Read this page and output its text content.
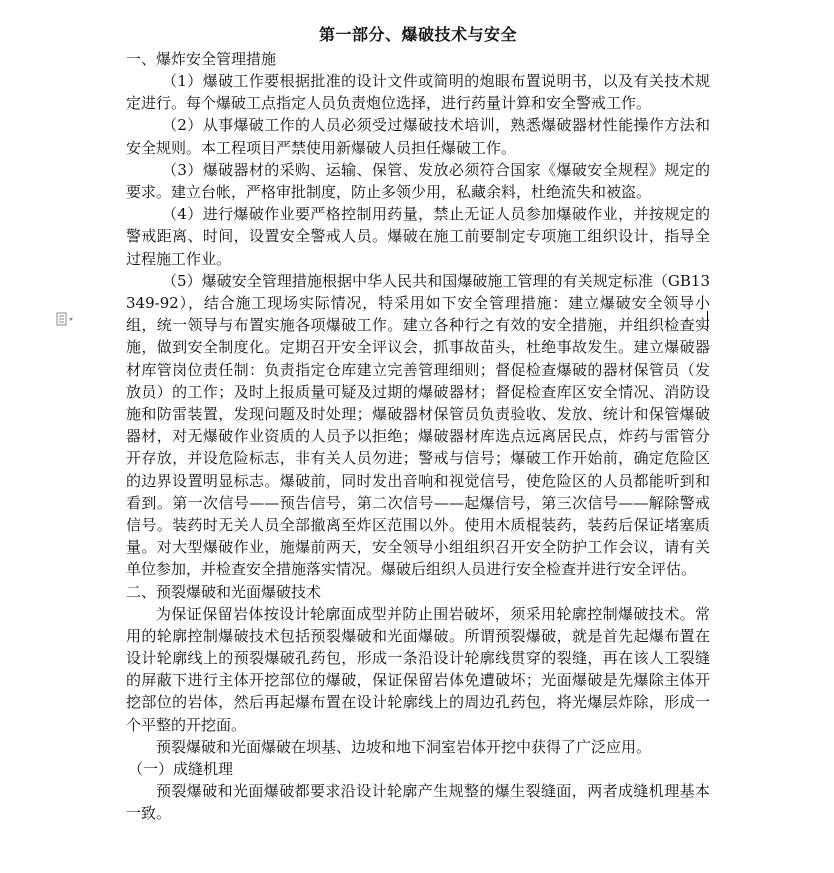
第一部分、爆破技术与安全

一、爆炸安全管理措施

（1）爆破工作要根据批准的设计文件或简明的炮眼布置说明书，以及有关技术规定进行。每个爆破工点指定人员负责炮位选择，进行药量计算和安全警戒工作。

（2）从事爆破工作的人员必须受过爆破技术培训，熟悉爆破器材性能操作方法和安全规则。本工程项目严禁使用新爆破人员担任爆破工作。

（3）爆破器材的采购、运输、保管、发放必须符合国家《爆破安全规程》规定的要求。建立台帐，严格审批制度，防止多领少用，私藏余料，杜绝流失和被盗。

（4）进行爆破作业要严格控制用药量，禁止无证人员参加爆破作业，并按规定的警戒距离、时间，设置安全警戒人员。爆破在施工前要制定专项施工组织设计，指导全过程施工作业。

（5）爆破安全管理措施根据中华人民共和国爆破施工管理的有关规定标准（GB13349-92），结合施工现场实际情况，特采用如下安全管理措施：建立爆破安全领导小组，统一领导与布置实施各项爆破工作。建立各种行之有效的安全措施，并组织检查实施，做到安全制度化。定期召开安全评议会，抓事故苗头，杜绝事故发生。建立爆破器材库管岗位责任制：负责指定仓库建立完善管理细则；督促检查爆破的器材保管员（发放员）的工作；及时上报质量可疑及过期的爆破器材；督促检查库区安全情况、消防设施和防雷装置，发现问题及时处理；爆破器材保管员负责验收、发放、统计和保管爆破器材，对无爆破作业资质的人员予以拒绝；爆破器材库选点远离居民点，炸药与雷管分开存放，并设危险标志，非有关人员勿进；警戒与信号；爆破工作开始前，确定危险区的边界设置明显标志。爆破前，同时发出音响和视觉信号，使危险区的人员都能听到和看到。第一次信号——预告信号，第二次信号——起爆信号，第三次信号——解除警戒信号。装药时无关人员全部撤离至炸区范围以外。使用木质棍装药，装药后保证堵塞质量。对大型爆破作业，施爆前两天，安全领导小组组织召开安全防护工作会议，请有关单位参加，并检查安全措施落实情况。爆破后组织人员进行安全检查并进行安全评估。

二、预裂爆破和光面爆破技术

为保证保留岩体按设计轮廓面成型并防止围岩破坏，须采用轮廓控制爆破技术。常用的轮廓控制爆破技术包括预裂爆破和光面爆破。所谓预裂爆破，就是首先起爆布置在设计轮廓线上的预裂爆破孔药包，形成一条沿设计轮廓线贯穿的裂缝，再在该人工裂缝的屏蔽下进行主体开挖部位的爆破，保证保留岩体免遭破坏；光面爆破是先爆除主体开挖部位的岩体，然后再起爆布置在设计轮廓线上的周边孔药包，将光爆层炸除，形成一个平整的开挖面。

预裂爆破和光面爆破在坝基、边坡和地下洞室岩体开挖中获得了广泛应用。

（一）成缝机理

预裂爆破和光面爆破都要求沿设计轮廓产生规整的爆生裂缝面，两者成缝机理基本一致。
